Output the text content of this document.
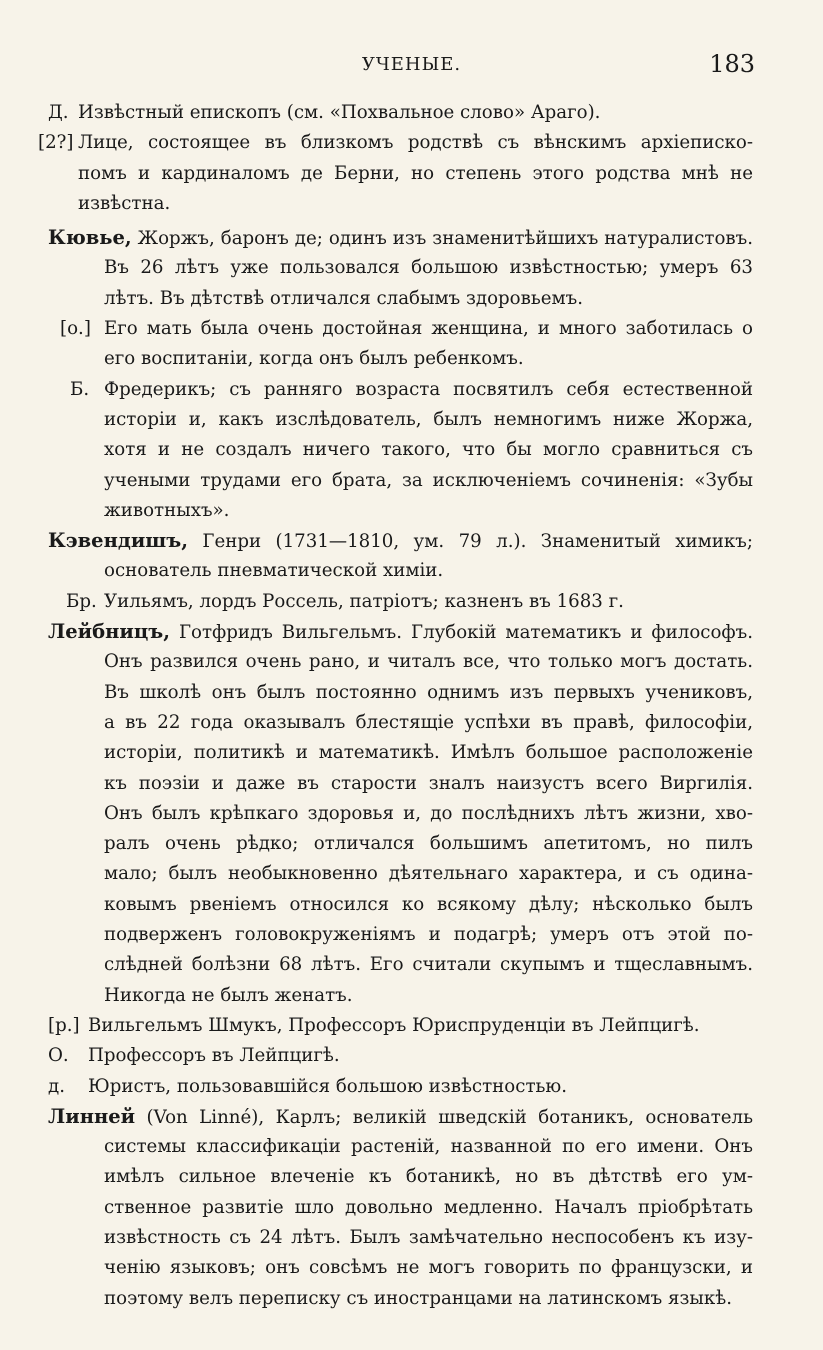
УЧЕНЫЕ.	183
Д. Извѣстный епископъ (см. «Похвальное слово» Араго).
[2?] Лице, состоящее въ близкомъ родствѣ съ вѣнскимъ архіеписко-
помъ и кардиналомъ де Берни, но степень этого родства мнѣ не
извѣстна.
Кювье, Жоржъ, баронъ де; одинъ изъ знаменитѣйшихъ натуралистовъ.
Въ 26 лѣтъ уже пользовался большою извѣстностью; умеръ 63
лѣтъ. Въ дѣтствѣ отличался слабымъ здоровьемъ.
[о.] Его мать была очень достойная женщина, и много заботилась о
его воспитаніи, когда онъ былъ ребенкомъ.
Б. Фредерикъ; съ ранняго возраста посвятилъ себя естественной
исторіи и, какъ изслѣдователь, былъ немногимъ ниже Жоржа,
хотя и не создалъ ничего такого, что бы могло сравниться съ
учеными трудами его брата, за исключеніемъ сочиненія: «Зубы
животныхъ».
Кэвендишъ, Генри (1731—1810, ум. 79 л.). Знаменитый химикъ;
основатель пневматической химіи.
Бр. Уильямъ, лордъ Россель, патріотъ; казненъ въ 1683 г.
Лейбницъ, Готфридъ Вильгельмъ. Глубокій математикъ и философъ.
Онъ развился очень рано, и читалъ все, что только могъ достать.
Въ школѣ онъ былъ постоянно однимъ изъ первыхъ учениковъ,
а въ 22 года оказывалъ блестящіе успѣхи въ правѣ, философіи,
исторіи, политикѣ и математикѣ. Имѣлъ большое расположеніе
къ поэзіи и даже въ старости зналъ наизустъ всего Виргилія.
Онъ былъ крѣпкаго здоровья и, до послѣднихъ лѣтъ жизни, хво-
ралъ очень рѣдко; отличался большимъ апетитомъ, но пилъ
мало; былъ необыкновенно дѣятельнаго характера, и съ одина-
ковымъ рвеніемъ относился ко всякому дѣлу; нѣсколько былъ
подверженъ головокруженіямъ и подагрѣ; умеръ отъ этой по-
слѣдней болѣзни 68 лѣтъ. Его считали скупымъ и тщеславнымъ.
Никогда не былъ женатъ.
[р.] Вильгельмъ Шмукъ, Профессоръ Юриспруденціи въ Лейпцигѣ.
О. Профессоръ въ Лейпцигѣ.
д. Юристъ, пользовавшійся большою извѣстностью.
Линней (Von Linné), Карлъ; великій шведскій ботаникъ, основатель
системы классификаціи растеній, названной по его имени. Онъ
имѣлъ сильное влеченіе къ ботаникѣ, но въ дѣтствѣ его ум-
ственное развитіе шло довольно медленно. Началъ пріобрѣтать
извѣстность съ 24 лѣтъ. Былъ замѣчательно неспособенъ къ изу-
ченію языковъ; онъ совсѣмъ не могъ говорить по французски, и
поэтому велъ переписку съ иностранцами на латинскомъ языкѣ.
